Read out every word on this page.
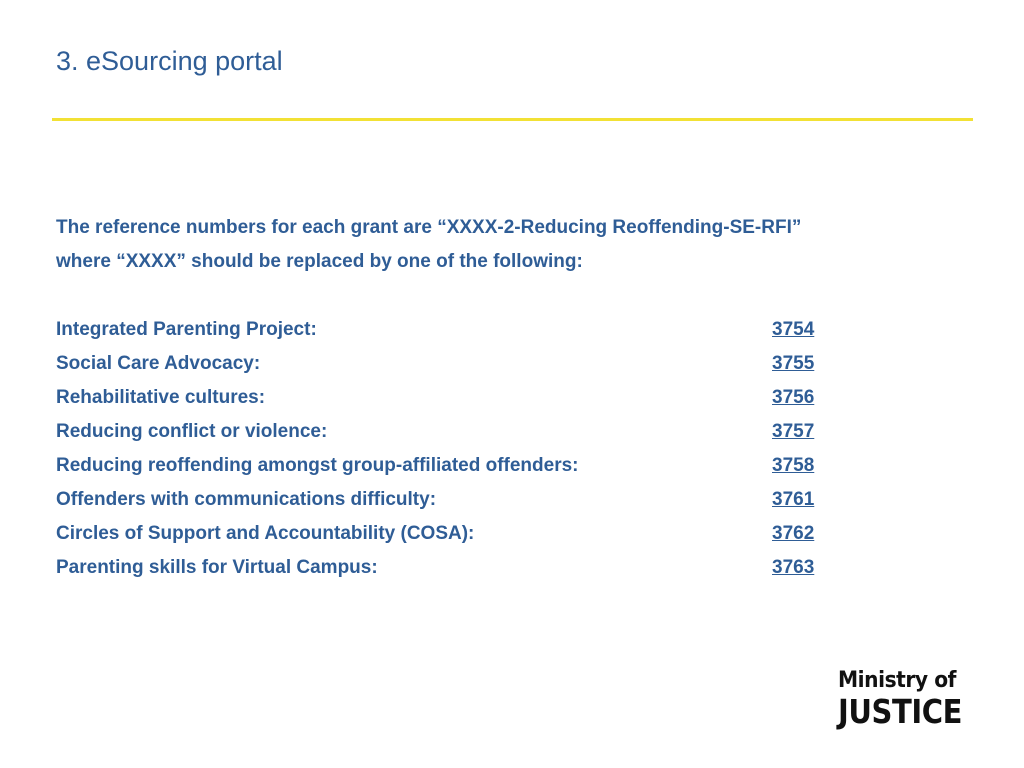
3. eSourcing portal

The reference numbers for each grant are “XXXX-2-Reducing Reoffending-SE-RFI”
where “XXXX” should be replaced by one of the following:

Integrated Parenting Project:	3754
Social Care Advocacy:	3755
Rehabilitative cultures:	3756
Reducing conflict or violence:	3757
Reducing reoffending amongst group-affiliated offenders:	3758
Offenders with communications difficulty:	3761
Circles of Support and Accountability (COSA):	3762
Parenting skills for Virtual Campus:	3763
Ministry of
JUSTICE
